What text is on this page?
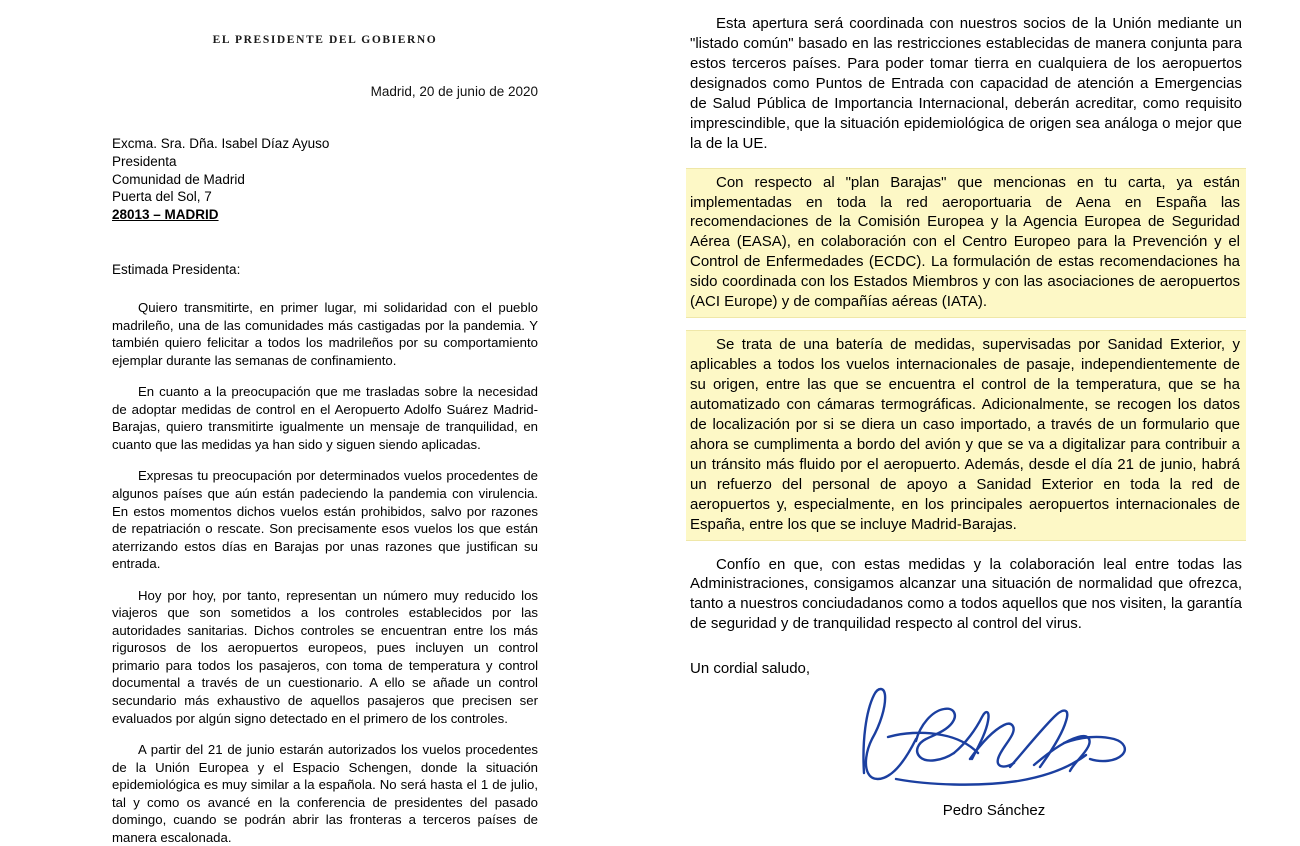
EL PRESIDENTE DEL GOBIERNO
Madrid, 20 de junio de 2020
Excma. Sra. Dña. Isabel Díaz Ayuso
Presidenta
Comunidad de Madrid
Puerta del Sol, 7
28013 – MADRID
Estimada Presidenta:

Quiero transmitirte, en primer lugar, mi solidaridad con el pueblo madrileño, una de las comunidades más castigadas por la pandemia. Y también quiero felicitar a todos los madrileños por su comportamiento ejemplar durante las semanas de confinamiento.

En cuanto a la preocupación que me trasladas sobre la necesidad de adoptar medidas de control en el Aeropuerto Adolfo Suárez Madrid-Barajas, quiero transmitirte igualmente un mensaje de tranquilidad, en cuanto que las medidas ya han sido y siguen siendo aplicadas.

Expresas tu preocupación por determinados vuelos procedentes de algunos países que aún están padeciendo la pandemia con virulencia. En estos momentos dichos vuelos están prohibidos, salvo por razones de repatriación o rescate. Son precisamente esos vuelos los que están aterrizando estos días en Barajas por unas razones que justifican su entrada.

Hoy por hoy, por tanto, representan un número muy reducido los viajeros que son sometidos a los controles establecidos por las autoridades sanitarias. Dichos controles se encuentran entre los más rigurosos de los aeropuertos europeos, pues incluyen un control primario para todos los pasajeros, con toma de temperatura y control documental a través de un cuestionario. A ello se añade un control secundario más exhaustivo de aquellos pasajeros que precisen ser evaluados por algún signo detectado en el primero de los controles.

A partir del 21 de junio estarán autorizados los vuelos procedentes de la Unión Europea y el Espacio Schengen, donde la situación epidemiológica es muy similar a la española. No será hasta el 1 de julio, tal y como os avancé en la conferencia de presidentes del pasado domingo, cuando se podrán abrir las fronteras a terceros países de manera escalonada.

Esta apertura será coordinada con nuestros socios de la Unión mediante un "listado común" basado en las restricciones establecidas de manera conjunta para estos terceros países. Para poder tomar tierra en cualquiera de los aeropuertos designados como Puntos de Entrada con capacidad de atención a Emergencias de Salud Pública de Importancia Internacional, deberán acreditar, como requisito imprescindible, que la situación epidemiológica de origen sea análoga o mejor que la de la UE.

Con respecto al "plan Barajas" que mencionas en tu carta, ya están implementadas en toda la red aeroportuaria de Aena en España las recomendaciones de la Comisión Europea y la Agencia Europea de Seguridad Aérea (EASA), en colaboración con el Centro Europeo para la Prevención y el Control de Enfermedades (ECDC). La formulación de estas recomendaciones ha sido coordinada con los Estados Miembros y con las asociaciones de aeropuertos (ACI Europe) y de compañías aéreas (IATA).

Se trata de una batería de medidas, supervisadas por Sanidad Exterior, y aplicables a todos los vuelos internacionales de pasaje, independientemente de su origen, entre las que se encuentra el control de la temperatura, que se ha automatizado con cámaras termográficas. Adicionalmente, se recogen los datos de localización por si se diera un caso importado, a través de un formulario que ahora se cumplimenta a bordo del avión y que se va a digitalizar para contribuir a un tránsito más fluido por el aeropuerto. Además, desde el día 21 de junio, habrá un refuerzo del personal de apoyo a Sanidad Exterior en toda la red de aeropuertos y, especialmente, en los principales aeropuertos internacionales de España, entre los que se incluye Madrid-Barajas.

Confío en que, con estas medidas y la colaboración leal entre todas las Administraciones, consigamos alcanzar una situación de normalidad que ofrezca, tanto a nuestros conciudadanos como a todos aquellos que nos visiten, la garantía de seguridad y de tranquilidad respecto al control del virus.

Un cordial saludo,
Pedro Sánchez
